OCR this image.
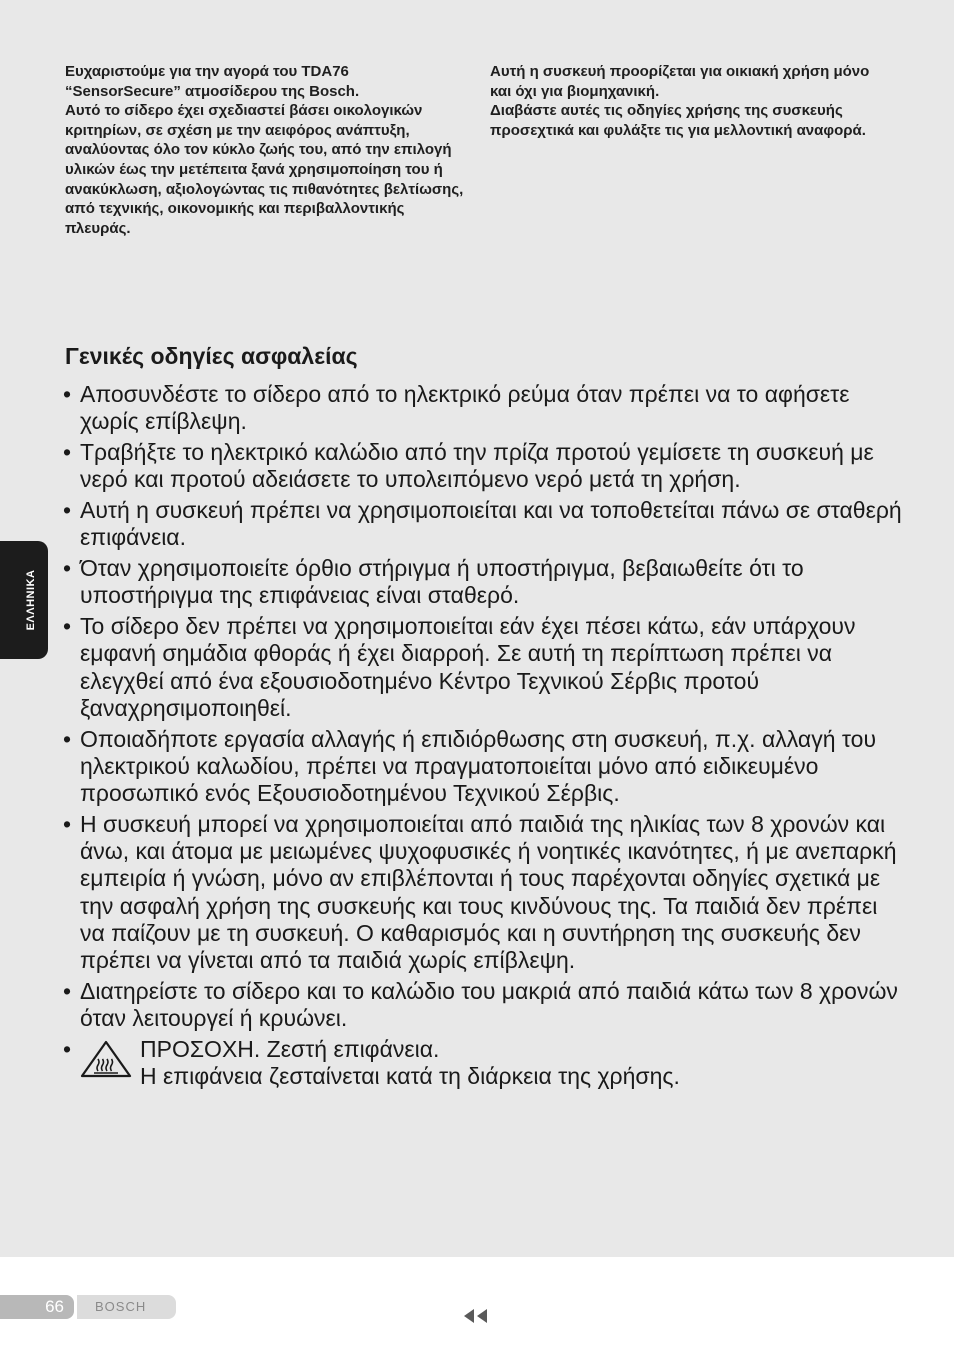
Ευχαριστούμε για την αγορά του TDA76 “SensorSecure” ατμοσίδερου της Bosch.

Αυτό το σίδερο έχει σχεδιαστεί βάσει οικολογικών κριτηρίων, σε σχέση με την αειφόρος ανάπτυξη, αναλύοντας όλο τον κύκλο ζωής του, από την επιλογή υλικών έως την μετέπειτα ξανά χρησιμοποίηση του ή ανακύκλωση, αξιολογώντας τις πιθανότητες βελτίωσης, από τεχνικής, οικονομικής και περιβαλλοντικής πλευράς.

Αυτή η συσκευή προορίζεται για οικιακή χρήση μόνο και όχι για βιομηχανική.

Διαβάστε αυτές τις οδηγίες χρήσης της συσκευής προσεχτικά και φυλάξτε τις για μελλοντική αναφορά.

Γενικές οδηγίες ασφαλείας
• Αποσυνδέστε το σίδερο από το ηλεκτρικό ρεύμα όταν πρέπει να το αφήσετε χωρίς επίβλεψη.
• Τραβήξτε το ηλεκτρικό καλώδιο από την πρίζα προτού γεμίσετε τη συσκευή με νερό και προτού αδειάσετε το υπολειπόμενο νερό μετά τη χρήση.
• Αυτή η συσκευή πρέπει να χρησιμοποιείται και να τοποθετείται πάνω σε σταθερή επιφάνεια.
• Όταν χρησιμοποιείτε όρθιο στήριγμα ή υποστήριγμα, βεβαιωθείτε ότι το υποστήριγμα της επιφάνειας είναι σταθερό.
• Το σίδερο δεν πρέπει να χρησιμοποιείται εάν έχει πέσει κάτω, εάν υπάρχουν εμφανή σημάδια φθοράς ή έχει διαρροή. Σε αυτή τη περίπτωση πρέπει να ελεγχθεί από ένα εξουσιοδοτημένο Κέντρο Τεχνικού Σέρβις προτού ξαναχρησιμοποιηθεί.
• Οποιαδήποτε εργασία αλλαγής ή επιδιόρθωσης στη συσκευή, π.χ. αλλαγή του ηλεκτρικού καλωδίου, πρέπει να πραγματοποιείται μόνο από ειδικευμένο προσωπικό ενός Εξουσιοδοτημένου Τεχνικού Σέρβις.
• Η συσκευή μπορεί να χρησιμοποιείται από παιδιά της ηλικίας των 8 χρονών και άνω, και άτομα με μειωμένες ψυχοφυσικές ή νοητικές ικανότητες, ή με ανεπαρκή εμπειρία ή γνώση, μόνο αν επιβλέπονται ή τους παρέχονται οδηγίες σχετικά με την ασφαλή χρήση της συσκευής και τους κινδύνους της. Τα παιδιά δεν πρέπει να παίζουν με τη συσκευή. Ο καθαρισμός και η συντήρηση της συσκευής δεν πρέπει να γίνεται από τα παιδιά χωρίς επίβλεψη.
• Διατηρείστε το σίδερο και το καλώδιο του μακριά από παιδιά κάτω των 8 χρονών όταν λειτουργεί ή κρυώνει.
•	ΠΡΟΣΟΧΗ. Ζεστή επιφάνεια.
Η επιφάνεια ζεσταίνεται κατά τη διάρκεια της χρήσης.
ΕΛΛΗΝΙΚΑ
66	BOSCH
